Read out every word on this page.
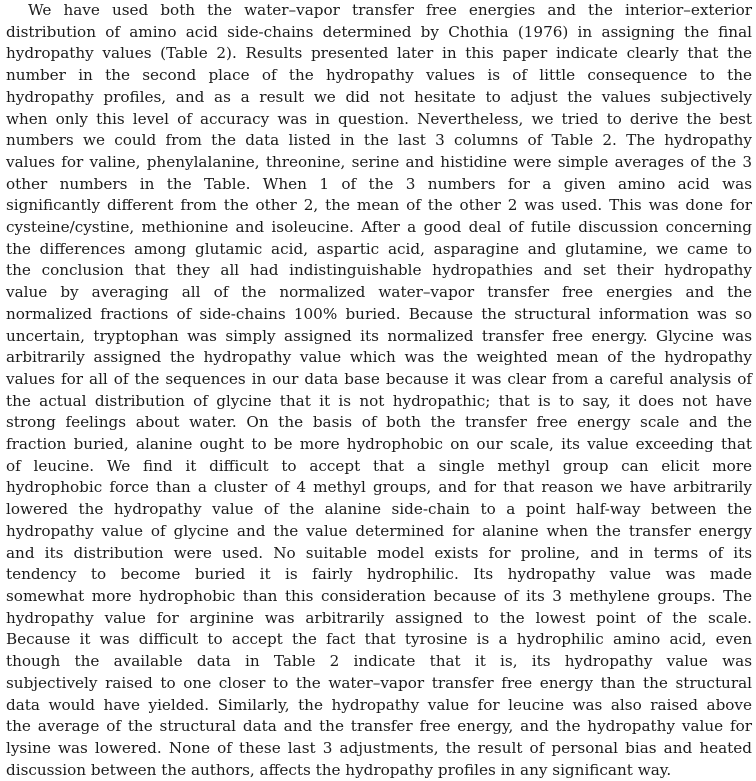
We have used both the water–vapor transfer free energies and the interior–exterior
distribution of amino acid side-chains determined by Chothia (1976) in assigning the final
hydropathy values (Table 2). Results presented later in this paper indicate clearly that the
number in the second place of the hydropathy values is of little consequence to the
hydropathy profiles, and as a result we did not hesitate to adjust the values subjectively
when only this level of accuracy was in question. Nevertheless, we tried to derive the best
numbers we could from the data listed in the last 3 columns of Table 2. The hydropathy
values for valine, phenylalanine, threonine, serine and histidine were simple averages of the 3
other numbers in the Table. When 1 of the 3 numbers for a given amino acid was
significantly different from the other 2, the mean of the other 2 was used. This was done for
cysteine/cystine, methionine and isoleucine. After a good deal of futile discussion concerning
the differences among glutamic acid, aspartic acid, asparagine and glutamine, we came to
the conclusion that they all had indistinguishable hydropathies and set their hydropathy
value by averaging all of the normalized water–vapor transfer free energies and the
normalized fractions of side-chains 100% buried. Because the structural information was so
uncertain, tryptophan was simply assigned its normalized transfer free energy. Glycine was
arbitrarily assigned the hydropathy value which was the weighted mean of the hydropathy
values for all of the sequences in our data base because it was clear from a careful analysis of
the actual distribution of glycine that it is not hydropathic; that is to say, it does not have
strong feelings about water. On the basis of both the transfer free energy scale and the
fraction buried, alanine ought to be more hydrophobic on our scale, its value exceeding that
of leucine. We find it difficult to accept that a single methyl group can elicit more
hydrophobic force than a cluster of 4 methyl groups, and for that reason we have arbitrarily
lowered the hydropathy value of the alanine side-chain to a point half-way between the
hydropathy value of glycine and the value determined for alanine when the transfer energy
and its distribution were used. No suitable model exists for proline, and in terms of its
tendency to become buried it is fairly hydrophilic. Its hydropathy value was made
somewhat more hydrophobic than this consideration because of its 3 methylene groups. The
hydropathy value for arginine was arbitrarily assigned to the lowest point of the scale.
Because it was difficult to accept the fact that tyrosine is a hydrophilic amino acid, even
though the available data in Table 2 indicate that it is, its hydropathy value was
subjectively raised to one closer to the water–vapor transfer free energy than the structural
data would have yielded. Similarly, the hydropathy value for leucine was also raised above
the average of the structural data and the transfer free energy, and the hydropathy value for
lysine was lowered. None of these last 3 adjustments, the result of personal bias and heated
discussion between the authors, affects the hydropathy profiles in any significant way.
